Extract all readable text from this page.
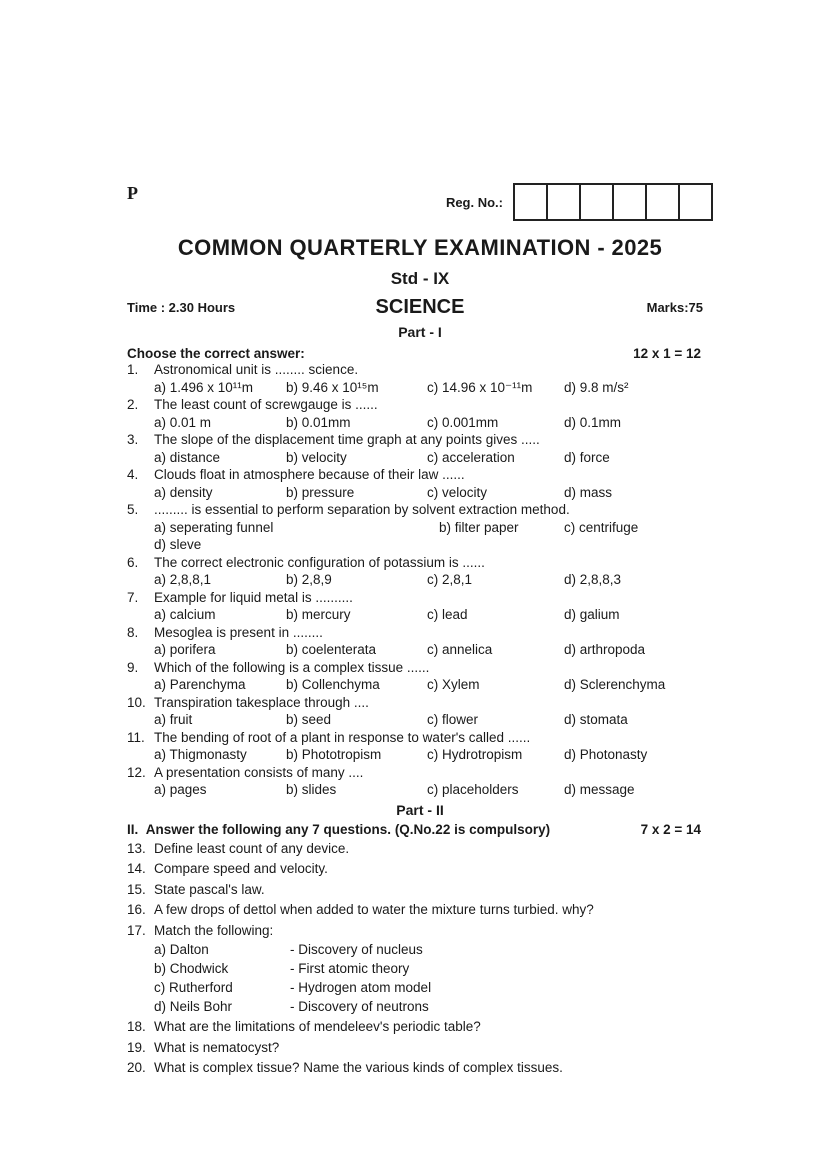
P	Reg. No.:
COMMON QUARTERLY EXAMINATION - 2025
Std - IX
Time : 2.30 Hours	SCIENCE	Marks:75
Part - I
Choose the correct answer:	12 x 1 = 12
1.	Astronomical unit is ........ science.
a) 1.496 x 10¹¹m	b) 9.46 x 10¹⁵m	c) 14.96 x 10⁻¹¹m	d) 9.8 m/s²
2.	The least count of screwgauge is ......
a) 0.01 m	b) 0.01mm	c) 0.001mm	d) 0.1mm
3.	The slope of the displacement time graph at any points gives .....
a) distance	b) velocity	c) acceleration	d) force
4.	Clouds float in atmosphere because of their law ......
a) density	b) pressure	c) velocity	d) mass
5.	......... is essential to perform separation by solvent extraction method.
a) seperating funnel	b) filter paper	c) centrifuge
d) sleve
6.	The correct electronic configuration of potassium is ......
a) 2,8,8,1	b) 2,8,9	c) 2,8,1	d) 2,8,8,3
7.	Example for liquid metal is ..........
a) calcium	b) mercury	c) lead	d) galium
8.	Mesoglea is present in ........
a) porifera	b) coelenterata	c) annelica	d) arthropoda
9.	Which of the following is a complex tissue ......
a) Parenchyma	b) Collenchyma	c) Xylem	d) Sclerenchyma
10. Transpiration takesplace through ....
a) fruit	b) seed	c) flower	d) stomata
11. The bending of root of a plant in response to water's called ......
a) Thigmonasty	b) Phototropism	c) Hydrotropism	d) Photonasty
12. A presentation consists of many ....
a) pages	b) slides	c) placeholders	d) message
Part - II
II. Answer the following any 7 questions. (Q.No.22 is compulsory)	7 x 2 = 14
13. Define least count of any device.
14. Compare speed and velocity.
15. State pascal's law.
16. A few drops of dettol when added to water the mixture turns turbied. why?
17. Match the following:
a) Dalton	- Discovery of nucleus
b) Chodwick	- First atomic theory
c) Rutherford	- Hydrogen atom model
d) Neils Bohr	- Discovery of neutrons
18. What are the limitations of mendeleev's periodic table?
19. What is nematocyst?
20. What is complex tissue? Name the various kinds of complex tissues.
